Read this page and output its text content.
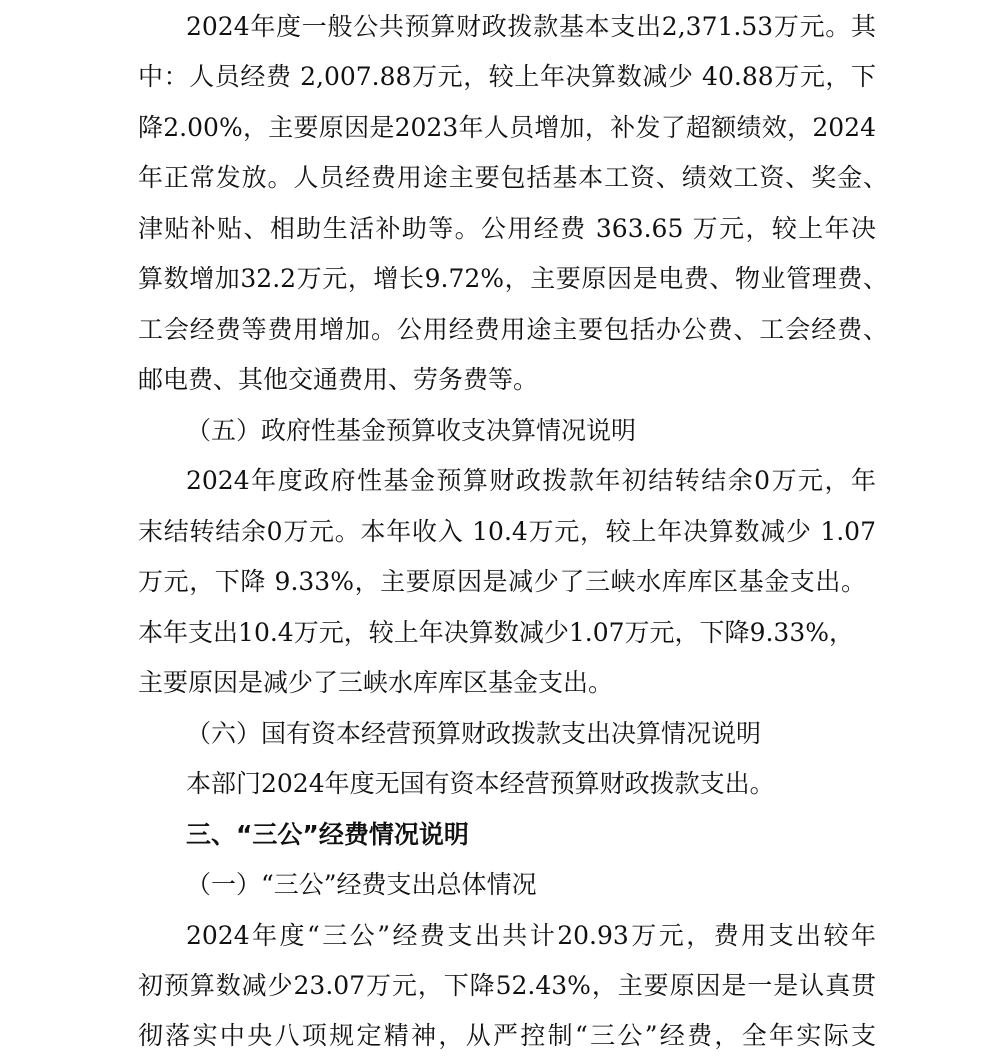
2024年度一般公共预算财政拨款基本支出2,371.53万元。其
中：人员经费 2,007.88万元，较上年决算数减少 40.88万元，下
降2.00%，主要原因是2023年人员增加，补发了超额绩效，2024
年正常发放。人员经费用途主要包括基本工资、绩效工资、奖金、
津贴补贴、相助生活补助等。公用经费 363.65 万元，较上年决
算数增加32.2万元，增长9.72%，主要原因是电费、物业管理费、
工会经费等费用增加。公用经费用途主要包括办公费、工会经费、
邮电费、其他交通费用、劳务费等。
（五）政府性基金预算收支决算情况说明
2024年度政府性基金预算财政拨款年初结转结余0万元，年
末结转结余0万元。本年收入 10.4万元，较上年决算数减少 1.07
万元，下降 9.33%，主要原因是减少了三峡水库库区基金支出。
本年支出10.4万元，较上年决算数减少1.07万元，下降9.33%，
主要原因是减少了三峡水库库区基金支出。
（六）国有资本经营预算财政拨款支出决算情况说明
本部门2024年度无国有资本经营预算财政拨款支出。
三、“三公”经费情况说明
（一）“三公”经费支出总体情况
2024年度“三公”经费支出共计20.93万元，费用支出较年
初预算数减少23.07万元，下降52.43%，主要原因是一是认真贯
彻落实中央八项规定精神，从严控制“三公”经费，全年实际支
